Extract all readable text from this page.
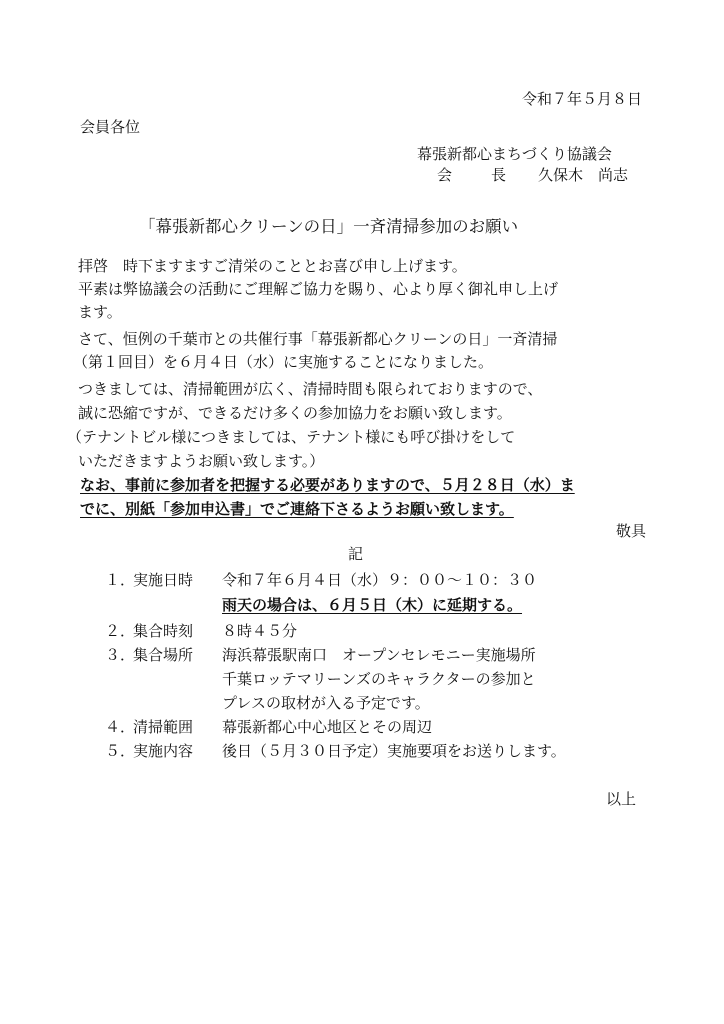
令和７年５月８日
会員各位
幕張新都心まちづくり協議会
会　長 久保木　尚志
「幕張新都心クリーンの日」一斉清掃参加のお願い
拝啓　時下ますますご清栄のこととお喜び申し上げます。
平素は弊協議会の活動にご理解ご協力を賜り、心より厚く御礼申し上げ
ます。
さて、恒例の千葉市との共催行事「幕張新都心クリーンの日」一斉清掃
（第１回目）を６月４日（水）に実施することになりました。
つきましては、清掃範囲が広く、清掃時間も限られておりますので、
誠に恐縮ですが、できるだけ多くの参加協力をお願い致します。
（テナントビル様につきましては、テナント様にも呼び掛けをして
いただきますようお願い致します。）
なお、事前に参加者を把握する必要がありますので、５月２８日（水）ま
でに、別紙「参加申込書」でご連絡下さるようお願い致します。
敬具
記
１．
実施日時 令和７年６月４日（水）９：００～１０：３０
雨天の場合は、６月５日（木）に延期する。
２．
集合時刻 ８時４５分
３．
集合場所 海浜幕張駅南口　オープンセレモニー実施場所
千葉ロッテマリーンズのキャラクターの参加と
プレスの取材が入る予定です。
４．
清掃範囲 幕張新都心中心地区とその周辺
５．
実施内容 後日（５月３０日予定）実施要項をお送りします。
以上
